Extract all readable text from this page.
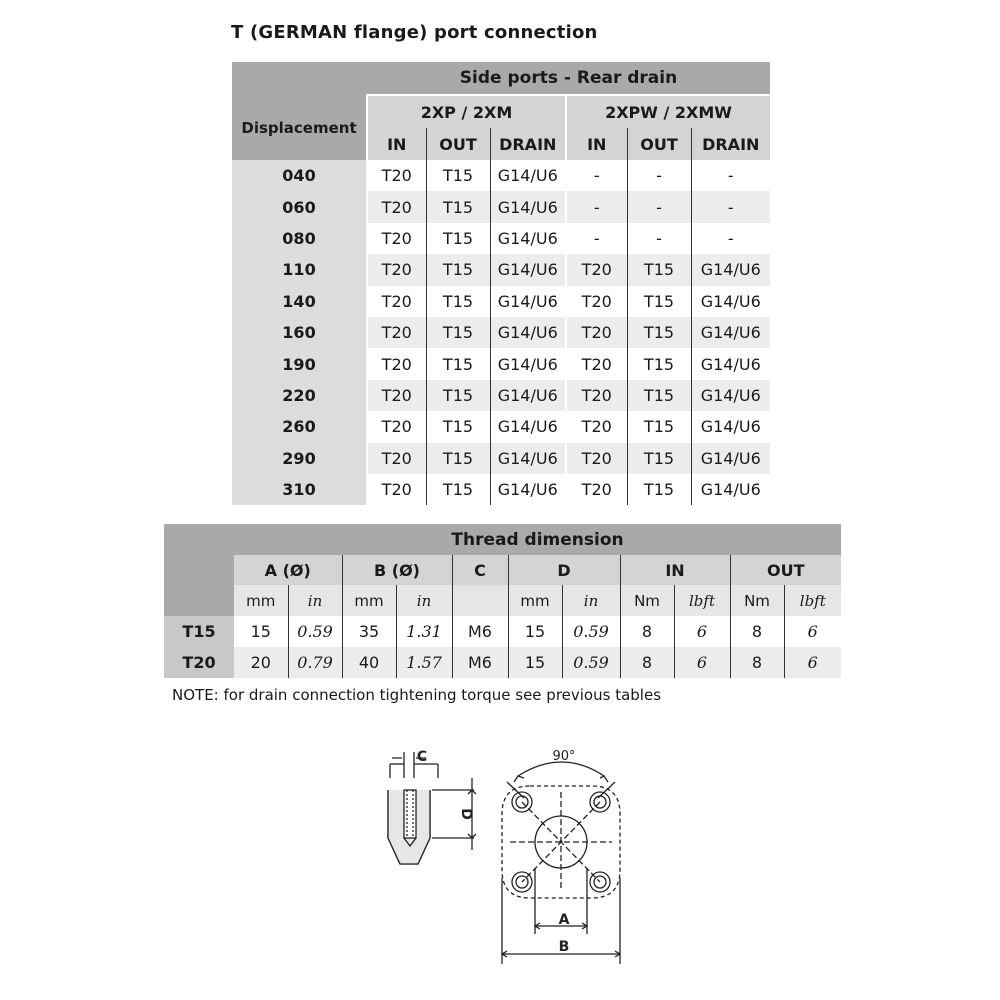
T (GERMAN flange) port connection
	Side ports - Rear drain					
Displacement	2XP / 2XM			2XPW / 2XMW		
	IN	OUT	DRAIN	IN	OUT	DRAIN
040	T20	T15	G14/U6	-	-	-
060	T20	T15	G14/U6	-	-	-
080	T20	T15	G14/U6	-	-	-
110	T20	T15	G14/U6	T20	T15	G14/U6
140	T20	T15	G14/U6	T20	T15	G14/U6
160	T20	T15	G14/U6	T20	T15	G14/U6
190	T20	T15	G14/U6	T20	T15	G14/U6
220	T20	T15	G14/U6	T20	T15	G14/U6
260	T20	T15	G14/U6	T20	T15	G14/U6
290	T20	T15	G14/U6	T20	T15	G14/U6
310	T20	T15	G14/U6	T20	T15	G14/U6
	Thread dimension										
	A (Ø)		B (Ø)		C	D		IN		OUT	
	mm	in	mm	in		mm	in	Nm	lbft	Nm	lbft
T15	15	0.59	35	1.31	M6	15	0.59	8	6	8	6
T20	20	0.79	40	1.57	M6	15	0.59	8	6	8	6
NOTE: for drain connection tightening torque see previous tables
C
D
A
B
90°
